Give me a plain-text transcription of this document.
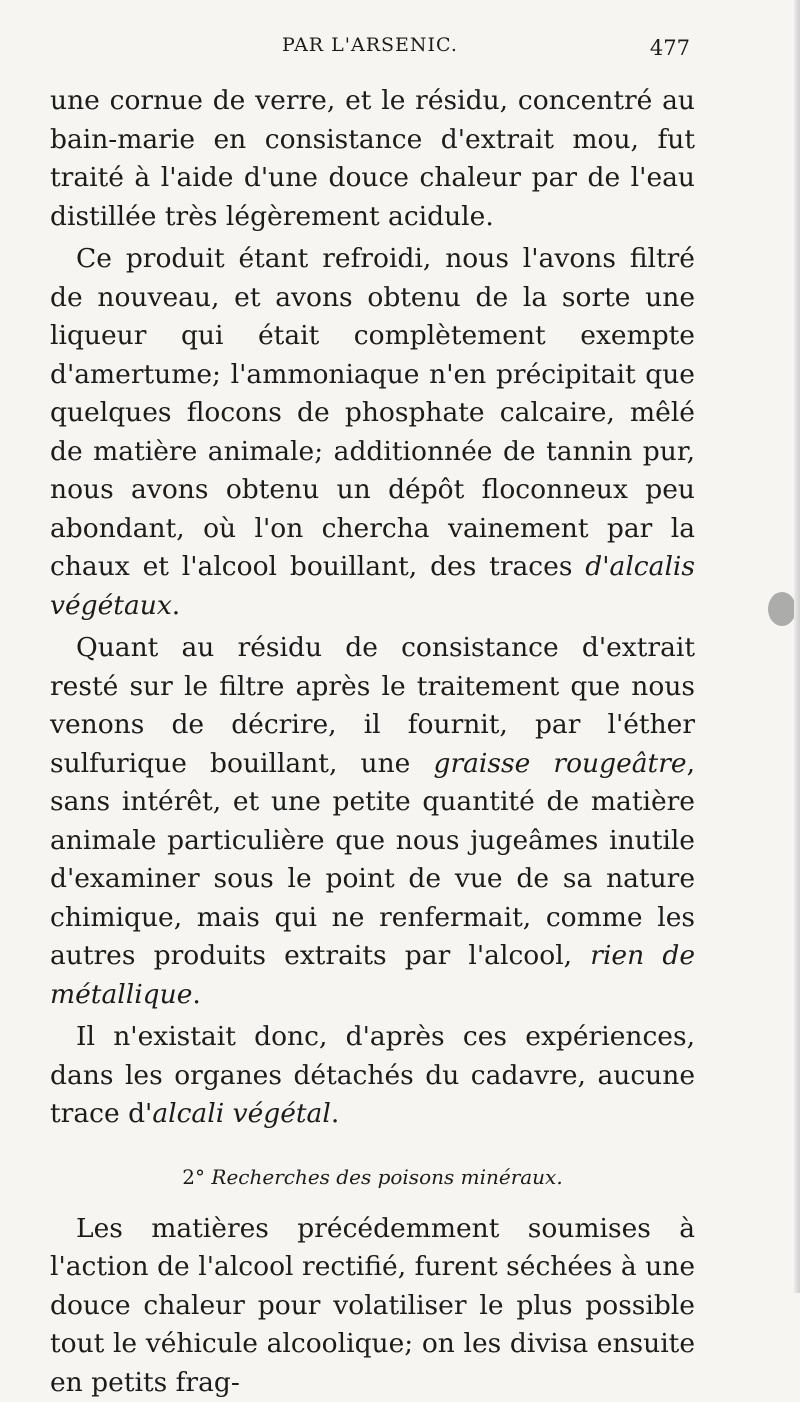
PAR L'ARSENIC.	477

une cornue de verre, et le résidu, concentré au bain-marie en consistance d'extrait mou, fut traité à l'aide d'une douce chaleur par de l'eau distillée très légèrement acidule.

Ce produit étant refroidi, nous l'avons filtré de nouveau, et avons obtenu de la sorte une liqueur qui était complètement exempte d'amertume; l'ammoniaque n'en précipitait que quelques flocons de phosphate calcaire, mêlé de matière animale; additionnée de tannin pur, nous avons obtenu un dépôt floconneux peu abondant, où l'on chercha vainement par la chaux et l'alcool bouillant, des traces d'alcalis végétaux.

Quant au résidu de consistance d'extrait resté sur le filtre après le traitement que nous venons de décrire, il fournit, par l'éther sulfurique bouillant, une graisse rougeâtre, sans intérêt, et une petite quantité de matière animale particulière que nous jugeâmes inutile d'examiner sous le point de vue de sa nature chimique, mais qui ne renfermait, comme les autres produits extraits par l'alcool, rien de métallique.

Il n'existait donc, d'après ces expériences, dans les organes détachés du cadavre, aucune trace d'alcali végétal.

2° Recherches des poisons minéraux.

Les matières précédemment soumises à l'action de l'alcool rectifié, furent séchées à une douce chaleur pour volatiliser le plus possible tout le véhicule alcoolique; on les divisa ensuite en petits frag-
